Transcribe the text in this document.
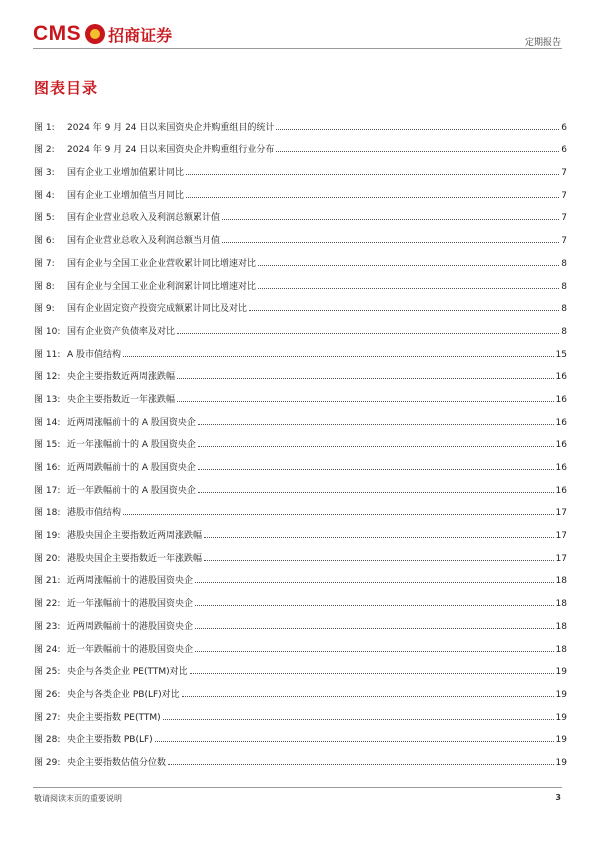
CMS 招商证券	定期报告
图表目录
图 1:	2024 年 9 月 24 日以来国资央企并购重组目的统计	6
图 2:	2024 年 9 月 24 日以来国资央企并购重组行业分布	6
图 3:	国有企业工业增加值累计同比	7
图 4:	国有企业工业增加值当月同比	7
图 5:	国有企业营业总收入及利润总额累计值	7
图 6:	国有企业营业总收入及利润总额当月值	7
图 7:	国有企业与全国工业企业营收累计同比增速对比	8
图 8:	国有企业与全国工业企业利润累计同比增速对比	8
图 9:	国有企业固定资产投资完成额累计同比及对比	8
图 10: 国有企业资产负债率及对比	8
图 11: A 股市值结构	15
图 12: 央企主要指数近两周涨跌幅	16
图 13: 央企主要指数近一年涨跌幅	16
图 14: 近两周涨幅前十的 A 股国资央企	16
图 15: 近一年涨幅前十的 A 股国资央企	16
图 16: 近两周跌幅前十的 A 股国资央企	16
图 17: 近一年跌幅前十的 A 股国资央企	16
图 18: 港股市值结构	17
图 19: 港股央国企主要指数近两周涨跌幅	17
图 20: 港股央国企主要指数近一年涨跌幅	17
图 21: 近两周涨幅前十的港股国资央企	18
图 22: 近一年涨幅前十的港股国资央企	18
图 23: 近两周跌幅前十的港股国资央企	18
图 24: 近一年跌幅前十的港股国资央企	18
图 25: 央企与各类企业 PE(TTM)对比	19
图 26: 央企与各类企业 PB(LF)对比	19
图 27: 央企主要指数 PE(TTM)	19
图 28: 央企主要指数 PB(LF)	19
图 29: 央企主要指数估值分位数	19
敬请阅读末页的重要说明	3
